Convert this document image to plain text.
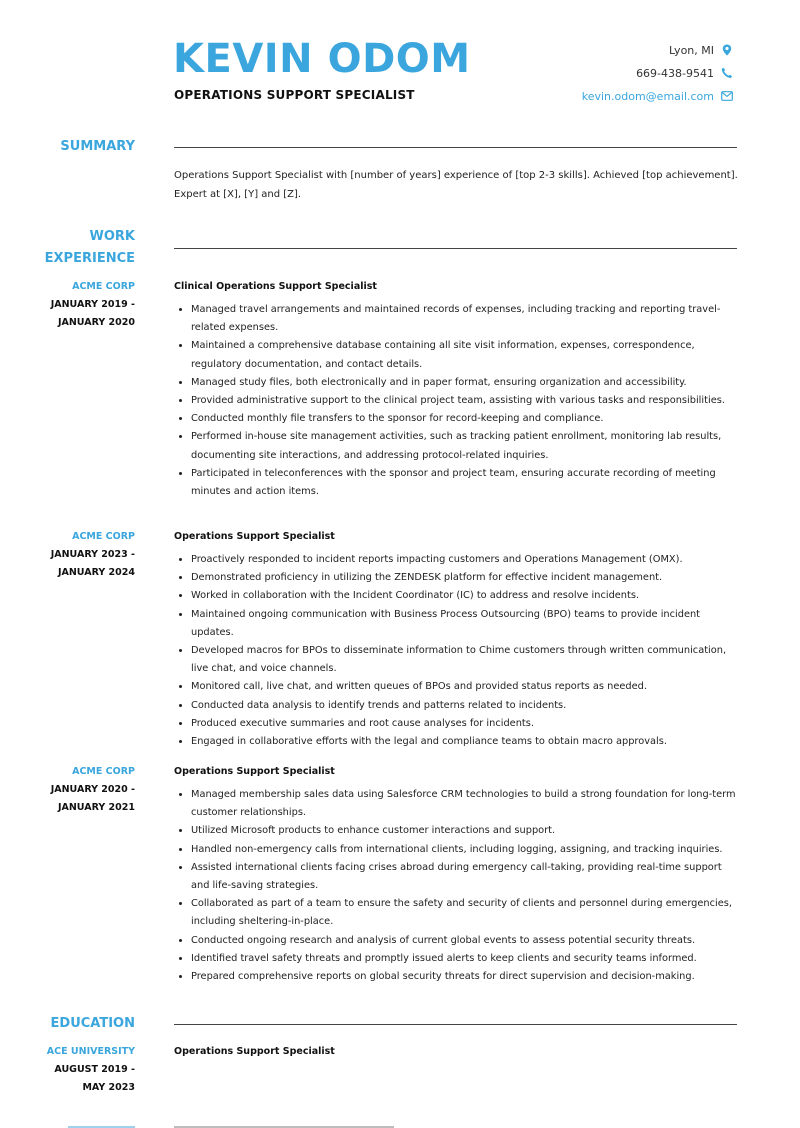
KEVIN ODOM
OPERATIONS SUPPORT SPECIALIST
Lyon, MI
669-438-9541
kevin.odom@email.com
SUMMARY

Operations Support Specialist with [number of years] experience of [top 2-3 skills]. Achieved [top achievement]. Expert at [X], [Y] and [Z].

WORK
EXPERIENCE
ACME CORP
JANUARY 2019 -
JANUARY 2020
Clinical Operations Support Specialist
• Managed travel arrangements and maintained records of expenses, including tracking and reporting travel-related expenses.
• Maintained a comprehensive database containing all site visit information, expenses, correspondence, regulatory documentation, and contact details.
• Managed study files, both electronically and in paper format, ensuring organization and accessibility.
• Provided administrative support to the clinical project team, assisting with various tasks and responsibilities.
• Conducted monthly file transfers to the sponsor for record-keeping and compliance.
• Performed in-house site management activities, such as tracking patient enrollment, monitoring lab results, documenting site interactions, and addressing protocol-related inquiries.
• Participated in teleconferences with the sponsor and project team, ensuring accurate recording of meeting minutes and action items.
ACME CORP
JANUARY 2023 -
JANUARY 2024
Operations Support Specialist
• Proactively responded to incident reports impacting customers and Operations Management (OMX).
• Demonstrated proficiency in utilizing the ZENDESK platform for effective incident management.
• Worked in collaboration with the Incident Coordinator (IC) to address and resolve incidents.
• Maintained ongoing communication with Business Process Outsourcing (BPO) teams to provide incident updates.
• Developed macros for BPOs to disseminate information to Chime customers through written communication, live chat, and voice channels.
• Monitored call, live chat, and written queues of BPOs and provided status reports as needed.
• Conducted data analysis to identify trends and patterns related to incidents.
• Produced executive summaries and root cause analyses for incidents.
• Engaged in collaborative efforts with the legal and compliance teams to obtain macro approvals.
ACME CORP
JANUARY 2020 -
JANUARY 2021
Operations Support Specialist
• Managed membership sales data using Salesforce CRM technologies to build a strong foundation for long-term customer relationships.
• Utilized Microsoft products to enhance customer interactions and support.
• Handled non-emergency calls from international clients, including logging, assigning, and tracking inquiries.
• Assisted international clients facing crises abroad during emergency call-taking, providing real-time support and life-saving strategies.
• Collaborated as part of a team to ensure the safety and security of clients and personnel during emergencies, including sheltering-in-place.
• Conducted ongoing research and analysis of current global events to assess potential security threats.
• Identified travel safety threats and promptly issued alerts to keep clients and security teams informed.
• Prepared comprehensive reports on global security threats for direct supervision and decision-making.
EDUCATION
ACE UNIVERSITY
AUGUST 2019 -
MAY 2023
Operations Support Specialist
